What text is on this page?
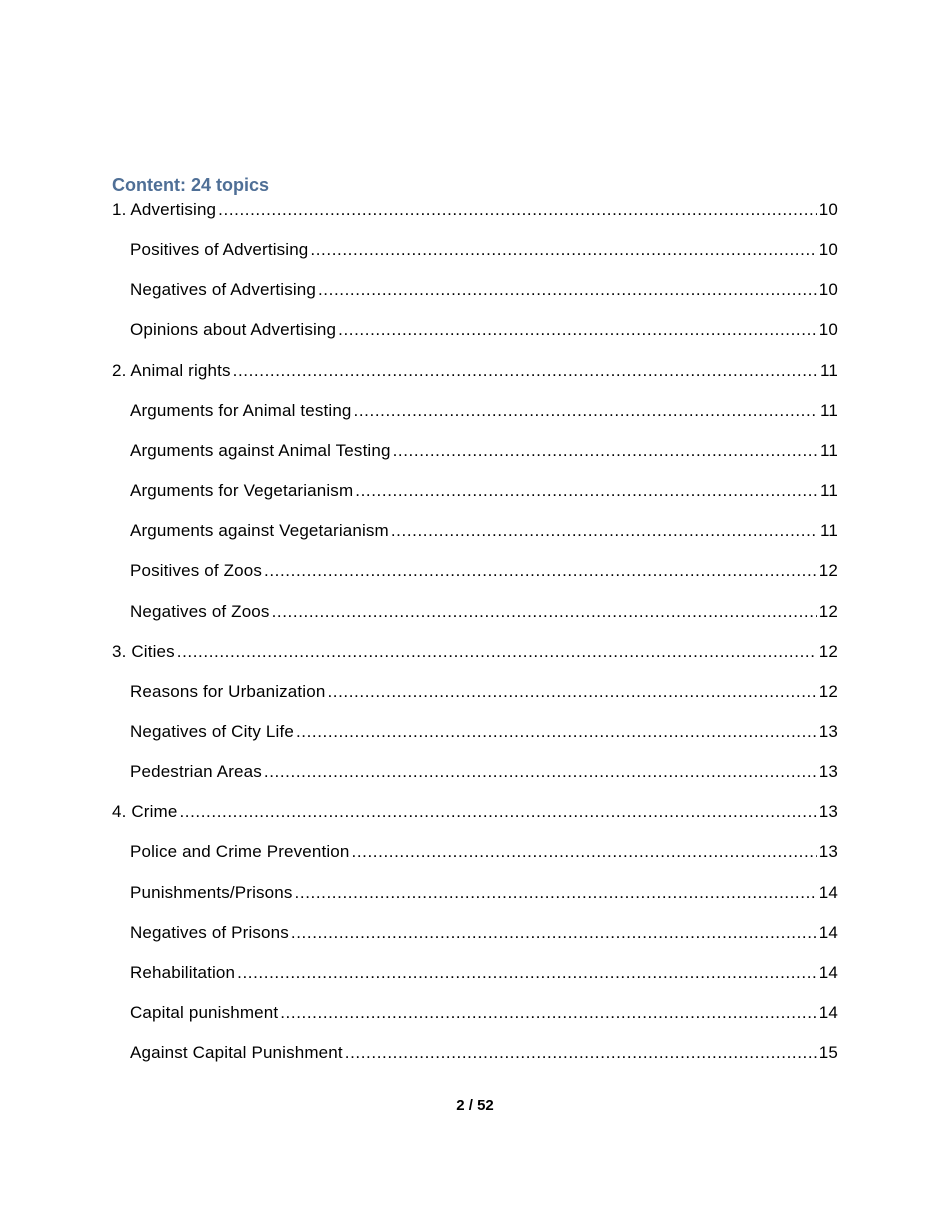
Content: 24 topics
1. Advertising .....	10
Positives of Advertising .....	10
Negatives of Advertising .....	10
Opinions about Advertising .....	10
2. Animal rights .....	11
Arguments for Animal testing .....	11
Arguments against Animal Testing .....	11
Arguments for Vegetarianism .....	11
Arguments against Vegetarianism .....	11
Positives of Zoos .....	12
Negatives of Zoos .....	12
3. Cities .....	12
Reasons for Urbanization .....	12
Negatives of City Life .....	13
Pedestrian Areas .....	13
4. Crime .....	13
Police and Crime Prevention .....	13
Punishments/Prisons .....	14
Negatives of Prisons .....	14
Rehabilitation .....	14
Capital punishment .....	14
Against Capital Punishment .....	15
2 / 52
